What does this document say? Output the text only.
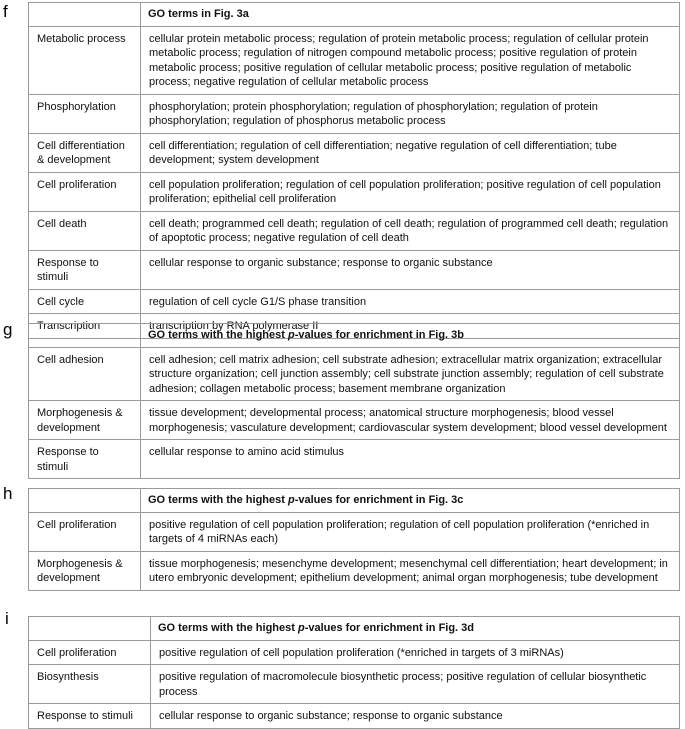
f
		GO terms in Fig. 3a
Metabolic process	cellular protein metabolic process; regulation of protein metabolic process; regulation of cellular protein metabolic process; regulation of nitrogen compound metabolic process; positive regulation of protein metabolic process; positive regulation of cellular metabolic process; positive regulation of metabolic process; negative regulation of cellular metabolic process
Phosphorylation	phosphorylation; protein phosphorylation; regulation of phosphorylation; regulation of protein phosphorylation; regulation of phosphorus metabolic process
Cell differentiation & development	cell differentiation; regulation of cell differentiation; negative regulation of cell differentiation; tube development; system development
Cell proliferation	cell population proliferation; regulation of cell population proliferation; positive regulation of cell population proliferation; epithelial cell proliferation
Cell death	cell death; programmed cell death; regulation of cell death; regulation of programmed cell death; regulation of apoptotic process; negative regulation of cell death
Response to stimuli	cellular response to organic substance; response to organic substance
Cell cycle	regulation of cell cycle G1/S phase transition
Transcription	transcription by RNA polymerase II
g
		GO terms with the highest p-values for enrichment in Fig. 3b
Cell adhesion	cell adhesion; cell matrix adhesion; cell substrate adhesion; extracellular matrix organization; extracellular structure organization; cell junction assembly; cell substrate junction assembly; regulation of cell substrate adhesion; collagen metabolic process; basement membrane organization
Morphogenesis & development	tissue development; developmental process; anatomical structure morphogenesis; blood vessel morphogenesis; vasculature development; cardiovascular system development; blood vessel development
Response to stimuli	cellular response to amino acid stimulus
h
		GO terms with the highest p-values for enrichment in Fig. 3c
Cell proliferation	positive regulation of cell population proliferation; regulation of cell population proliferation (*enriched in targets of 4 miRNAs each)
Morphogenesis & development	tissue morphogenesis; mesenchyme development; mesenchymal cell differentiation; heart development; in utero embryonic development; epithelium development; animal organ morphogenesis; tube development
i
		GO terms with the highest p-values for enrichment in Fig. 3d
Cell proliferation	positive regulation of cell population proliferation (*enriched in targets of 3 miRNAs)
Biosynthesis	positive regulation of macromolecule biosynthetic process; positive regulation of cellular biosynthetic process
Response to stimuli	cellular response to organic substance; response to organic substance
